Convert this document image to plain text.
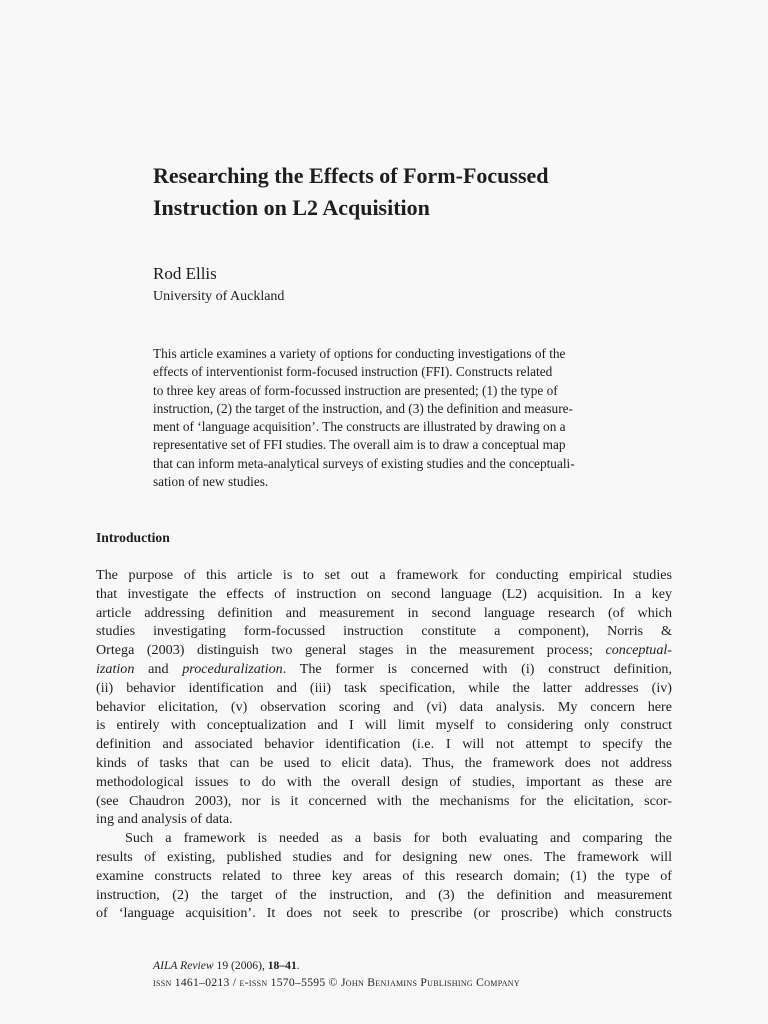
Researching the Effects of Form-Focussed
Instruction on L2 Acquisition
Rod Ellis
University of Auckland
This article examines a variety of options for conducting investigations of the
effects of interventionist form-focused instruction (FFI). Constructs related
to three key areas of form-focussed instruction are presented; (1) the type of
instruction, (2) the target of the instruction, and (3) the definition and measure-
ment of ‘language acquisition’. The constructs are illustrated by drawing on a
representative set of FFI studies. The overall aim is to draw a conceptual map
that can inform meta-analytical surveys of existing studies and the conceptuali-
sation of new studies.
Introduction
The purpose of this article is to set out a framework for conducting empirical studies
that investigate the effects of instruction on second language (L2) acquisition. In a key
article addressing definition and measurement in second language research (of which
studies investigating form-focussed instruction constitute a component), Norris &
Ortega (2003) distinguish two general stages in the measurement process; conceptual-
ization and proceduralization. The former is concerned with (i) construct definition,
(ii) behavior identification and (iii) task specification, while the latter addresses (iv)
behavior elicitation, (v) observation scoring and (vi) data analysis. My concern here
is entirely with conceptualization and I will limit myself to considering only construct
definition and associated behavior identification (i.e. I will not attempt to specify the
kinds of tasks that can be used to elicit data). Thus, the framework does not address
methodological issues to do with the overall design of studies, important as these are
(see Chaudron 2003), nor is it concerned with the mechanisms for the elicitation, scor-
ing and analysis of data.
Such a framework is needed as a basis for both evaluating and comparing the
results of existing, published studies and for designing new ones. The framework will
examine constructs related to three key areas of this research domain; (1) the type of
instruction, (2) the target of the instruction, and (3) the definition and measurement
of ‘language acquisition’. It does not seek to prescribe (or proscribe) which constructs
AILA Review 19 (2006), 18–41.
issn 1461–0213 / e-issn 1570–5595 © John Benjamins Publishing Company
